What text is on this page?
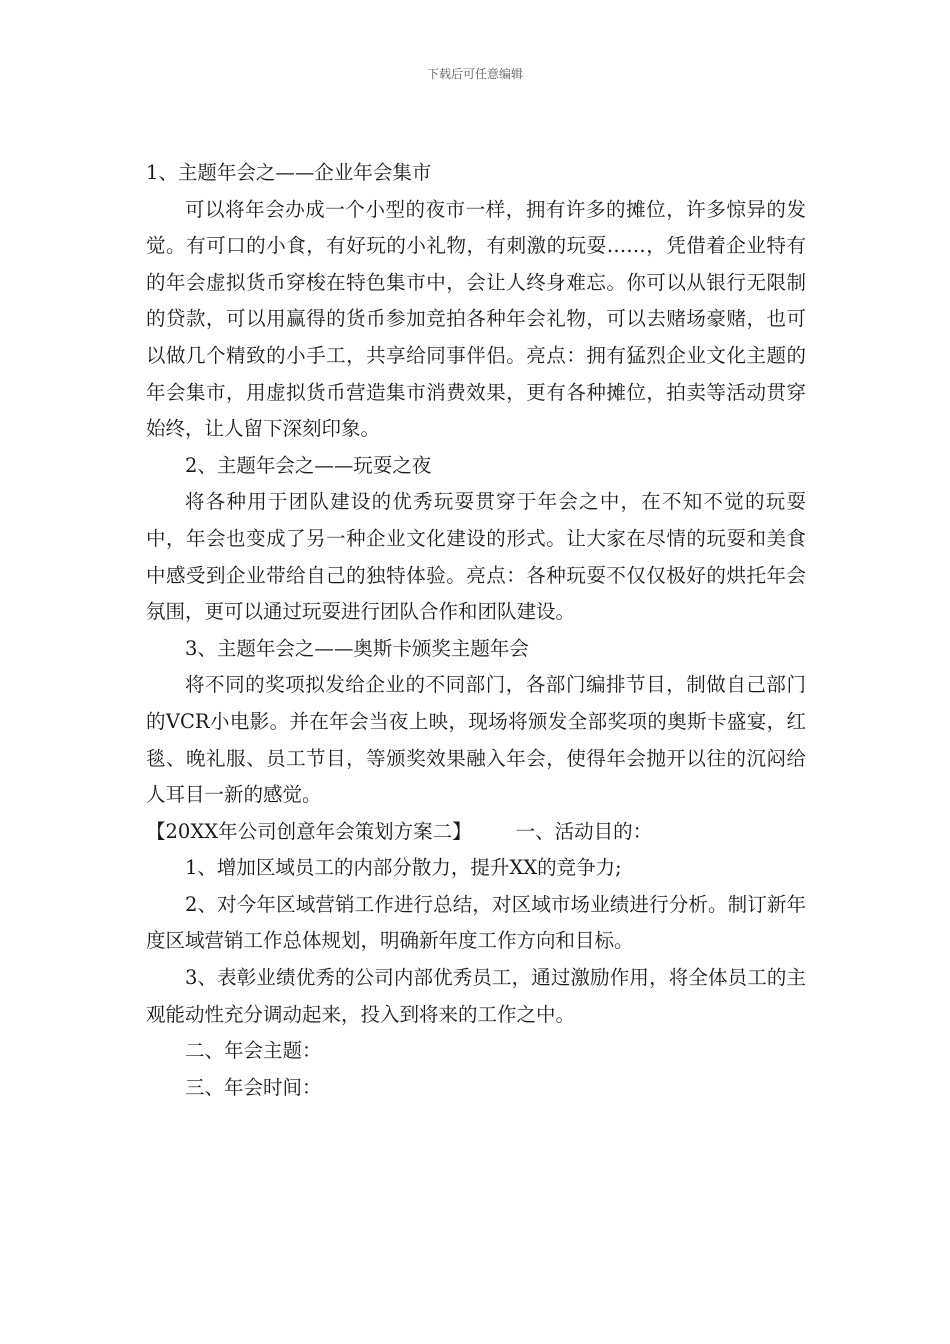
下载后可任意编辑

1、主题年会之——企业年会集市

可以将年会办成一个小型的夜市一样，拥有许多的摊位，许多惊异的发觉。有可口的小食，有好玩的小礼物，有刺激的玩耍……，凭借着企业特有的年会虚拟货币穿梭在特色集市中，会让人终身难忘。你可以从银行无限制的贷款，可以用赢得的货币参加竞拍各种年会礼物，可以去赌场豪赌，也可以做几个精致的小手工，共享给同事伴侣。亮点：拥有猛烈企业文化主题的年会集市，用虚拟货币营造集市消费效果，更有各种摊位，拍卖等活动贯穿始终，让人留下深刻印象。

2、主题年会之——玩耍之夜

将各种用于团队建设的优秀玩耍贯穿于年会之中，在不知不觉的玩耍中，年会也变成了另一种企业文化建设的形式。让大家在尽情的玩耍和美食中感受到企业带给自己的独特体验。亮点：各种玩耍不仅仅极好的烘托年会氛围，更可以通过玩耍进行团队合作和团队建设。

3、主题年会之——奥斯卡颁奖主题年会

将不同的奖项拟发给企业的不同部门，各部门编排节目，制做自己部门的VCR小电影。并在年会当夜上映，现场将颁发全部奖项的奥斯卡盛宴，红毯、晚礼服、员工节目，等颁奖效果融入年会，使得年会抛开以往的沉闷给人耳目一新的感觉。

【20XX年公司创意年会策划方案二】 一、活动目的：

1、增加区域员工的内部分散力，提升XX的竞争力;

2、对今年区域营销工作进行总结，对区域市场业绩进行分析。制订新年度区域营销工作总体规划，明确新年度工作方向和目标。

3、表彰业绩优秀的公司内部优秀员工，通过激励作用，将全体员工的主观能动性充分调动起来，投入到将来的工作之中。

二、年会主题：

三、年会时间：
